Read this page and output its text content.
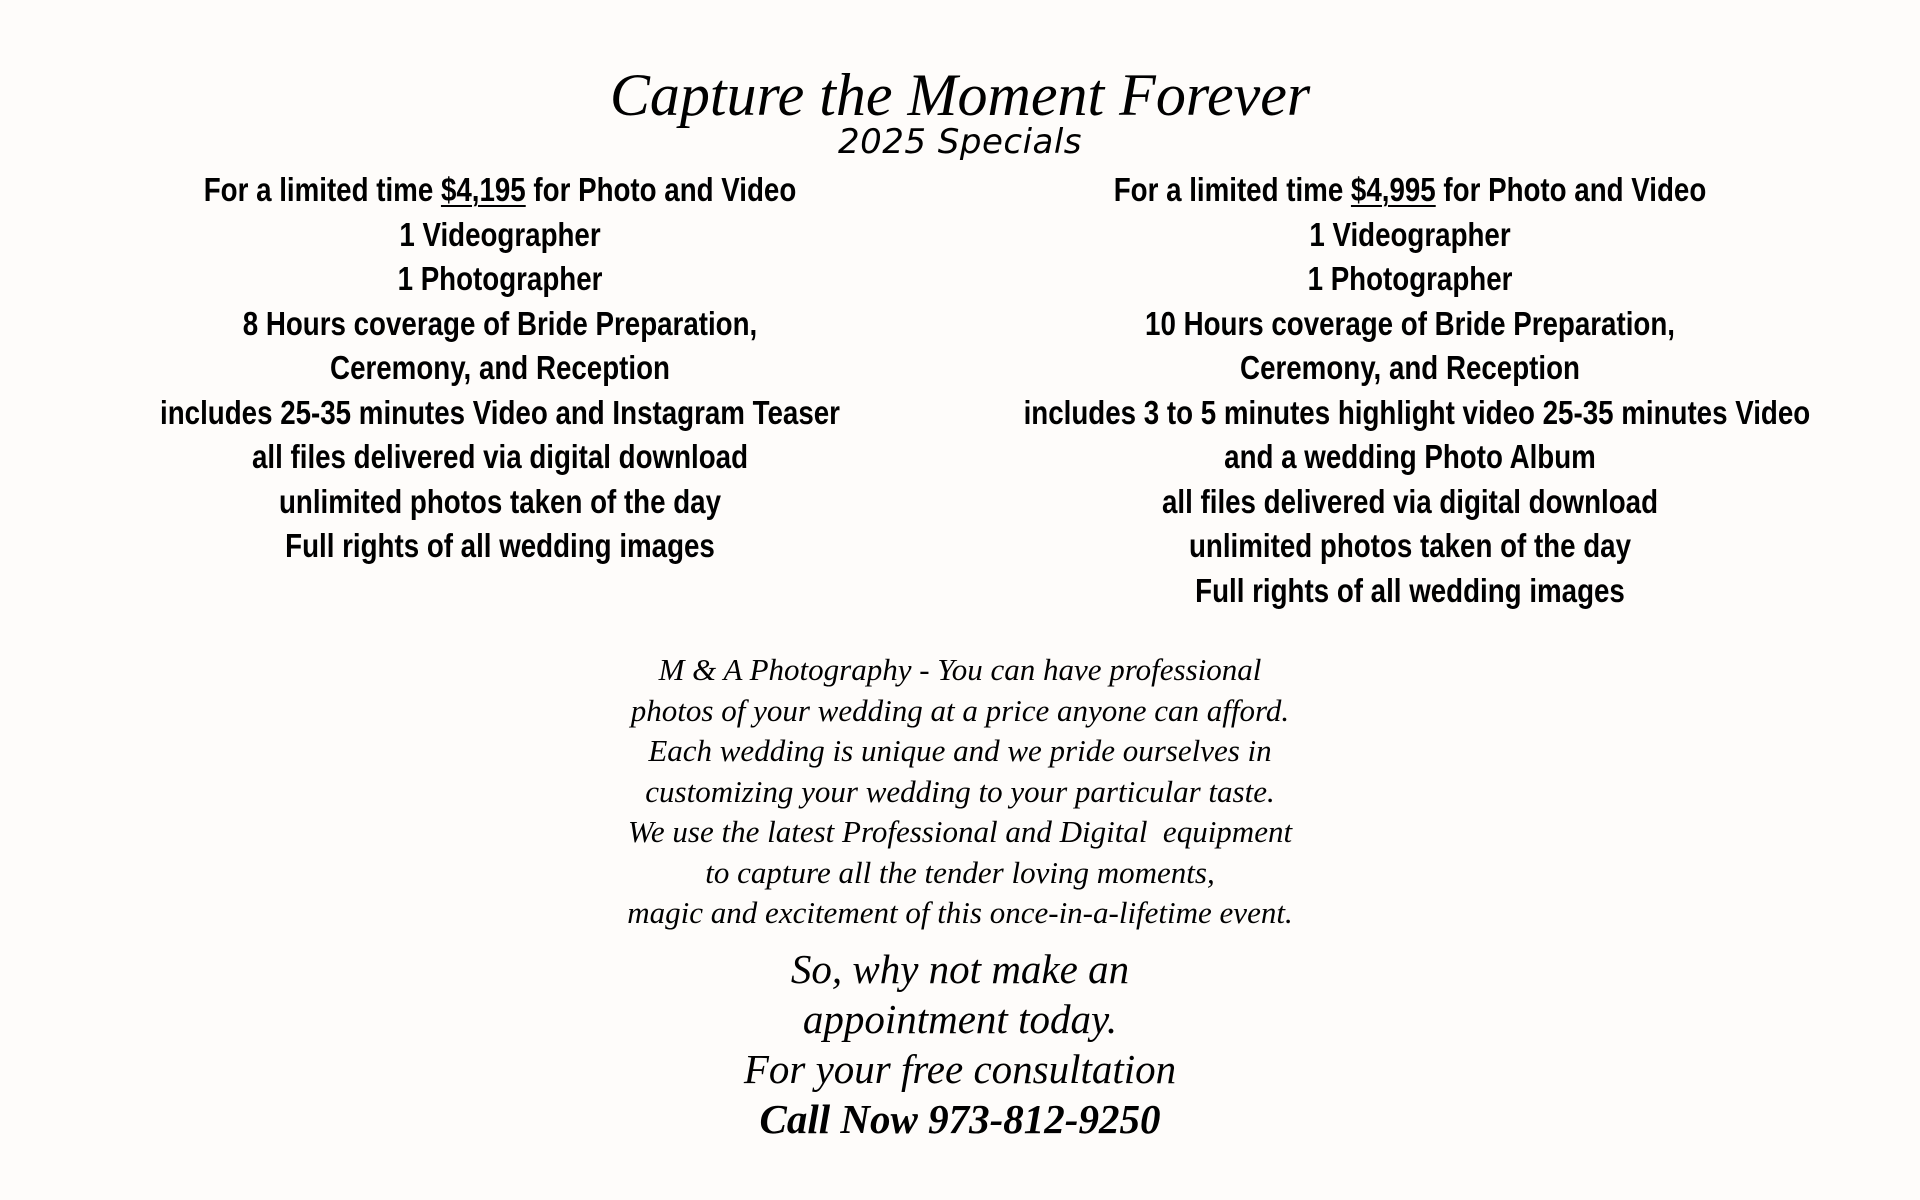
Capture the Moment Forever
2025 Specials
For a limited time $4,195 for Photo and Video
1 Videographer
1 Photographer
8 Hours coverage of Bride Preparation,
Ceremony, and Reception
includes 25-35 minutes Video and Instagram Teaser
all files delivered via digital download
unlimited photos taken of the day
Full rights of all wedding images
For a limited time $4,995 for Photo and Video
1 Videographer
1 Photographer
10 Hours coverage of Bride Preparation,
Ceremony, and Reception
includes 3 to 5 minutes highlight video 25-35 minutes Video
and a wedding Photo Album
all files delivered via digital download
unlimited photos taken of the day
Full rights of all wedding images
M & A Photography - You can have professional
photos of your wedding at a price anyone can afford.
Each wedding is unique and we pride ourselves in
customizing your wedding to your particular taste.
We use the latest Professional and Digital  equipment
to capture all the tender loving moments,
magic and excitement of this once-in-a-lifetime event.
So, why not make an
appointment today.
For your free consultation
Call Now 973-812-9250
